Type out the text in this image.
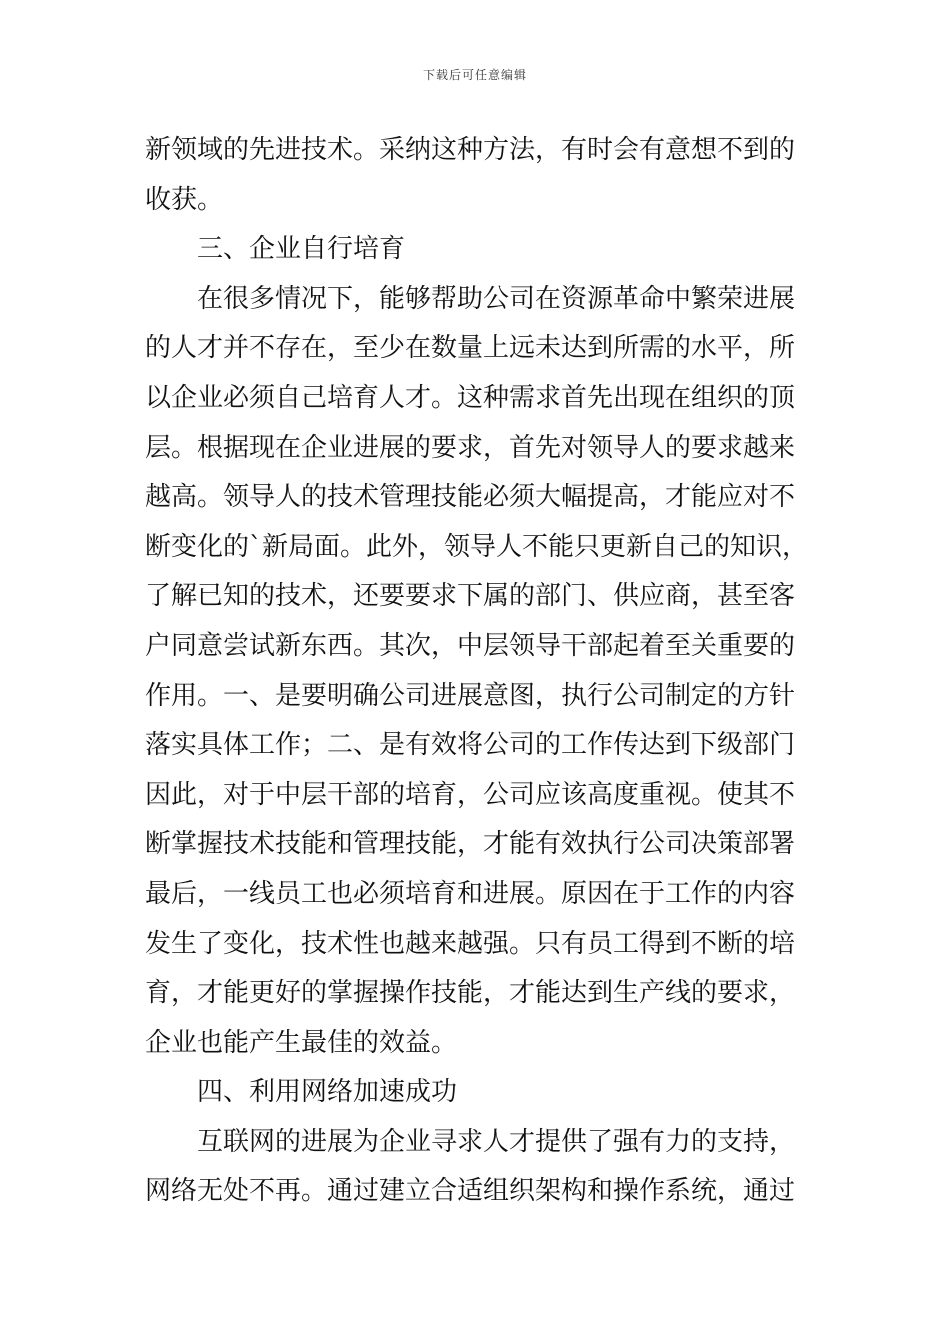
下载后可任意编辑
新领域的先进技术。采纳这种方法，有时会有意想不到的
收获。
三、企业自行培育
在很多情况下，能够帮助公司在资源革命中繁荣进展
的人才并不存在，至少在数量上远未达到所需的水平，所
以企业必须自己培育人才。这种需求首先出现在组织的顶
层。根据现在企业进展的要求，首先对领导人的要求越来
越高。领导人的技术管理技能必须大幅提高，才能应对不
断变化的`新局面。此外，领导人不能只更新自己的知识，
了解已知的技术，还要要求下属的部门、供应商，甚至客
户同意尝试新东西。其次，中层领导干部起着至关重要的
作用。一、是要明确公司进展意图，执行公司制定的方针
落实具体工作；二、是有效将公司的工作传达到下级部门
因此，对于中层干部的培育，公司应该高度重视。使其不
断掌握技术技能和管理技能，才能有效执行公司决策部署
最后，一线员工也必须培育和进展。原因在于工作的内容
发生了变化，技术性也越来越强。只有员工得到不断的培
育，才能更好的掌握操作技能，才能达到生产线的要求，
企业也能产生最佳的效益。
四、利用网络加速成功
互联网的进展为企业寻求人才提供了强有力的支持，
网络无处不再。通过建立合适组织架构和操作系统，通过
